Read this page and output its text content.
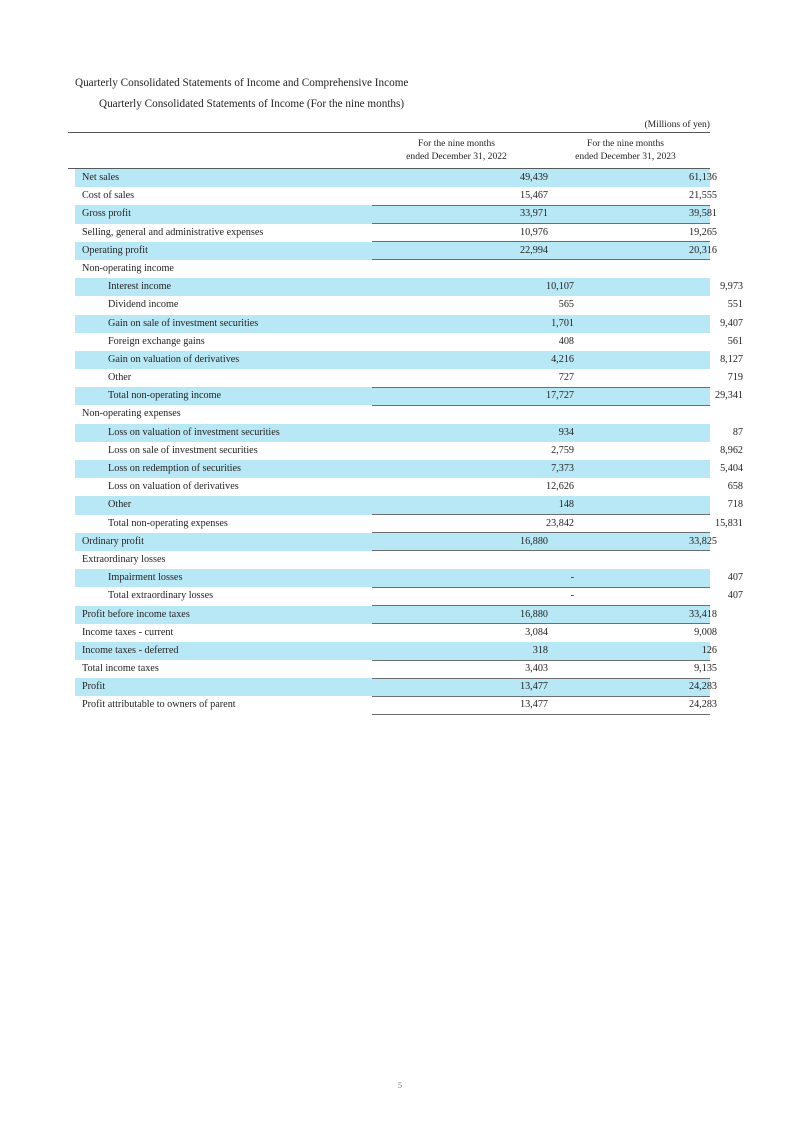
Quarterly Consolidated Statements of Income and Comprehensive Income
Quarterly Consolidated Statements of Income (For the nine months)
(Millions of yen)
For the nine months
ended December 31, 2022
For the nine months
ended December 31, 2023
Net sales	49,439	61,136
Cost of sales	15,467	21,555
Gross profit	33,971	39,581
Selling, general and administrative expenses	10,976	19,265
Operating profit	22,994	20,316
Non-operating income
Interest income	10,107	9,973
Dividend income	565	551
Gain on sale of investment securities	1,701	9,407
Foreign exchange gains	408	561
Gain on valuation of derivatives	4,216	8,127
Other	727	719
Total non-operating income	17,727	29,341
Non-operating expenses
Loss on valuation of investment securities	934	87
Loss on sale of investment securities	2,759	8,962
Loss on redemption of securities	7,373	5,404
Loss on valuation of derivatives	12,626	658
Other	148	718
Total non-operating expenses	23,842	15,831
Ordinary profit	16,880	33,825
Extraordinary losses
Impairment losses	-	407
Total extraordinary losses	-	407
Profit before income taxes	16,880	33,418
Income taxes - current	3,084	9,008
Income taxes - deferred	318	126
Total income taxes	3,403	9,135
Profit	13,477	24,283
Profit attributable to owners of parent	13,477	24,283
5
